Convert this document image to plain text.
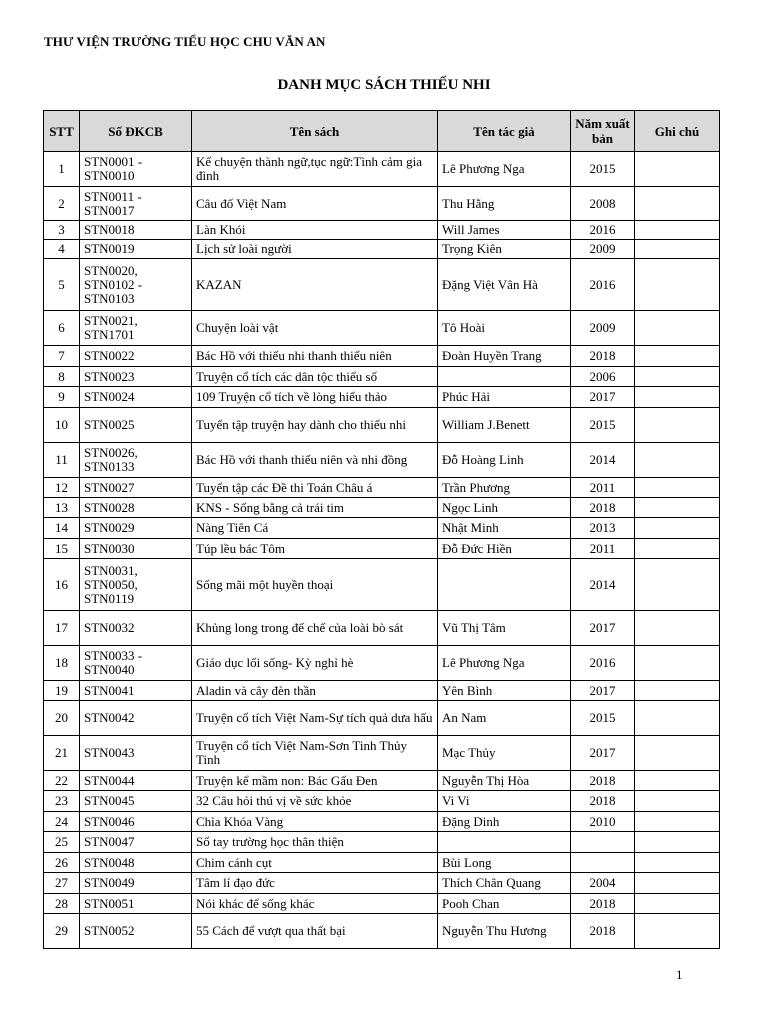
THƯ VIỆN TRƯỜNG TIỂU HỌC CHU VĂN AN
DANH MỤC SÁCH THIẾU NHI
STT	Số ĐKCB	Tên sách	Tên tác giả	Năm xuất bản	Ghi chú
1	STN0001 - STN0010	Kể chuyện thành ngữ,tục ngữ:Tình cảm gia đình	Lê Phương Nga	2015	
2	STN0011 - STN0017	Câu đố Việt Nam	Thu Hằng	2008	
3	STN0018	Làn Khói	Will James	2016	
4	STN0019	Lịch sử loài người	Trọng Kiên	2009	
5	STN0020, STN0102 - STN0103	KAZAN	Đặng Việt Vân Hà	2016	
6	STN0021, STN1701	Chuyện loài vật	Tô Hoài	2009	
7	STN0022	Bác Hồ với thiếu nhi thanh thiếu niên	Đoàn Huyền Trang	2018	
8	STN0023	Truyện cổ tích các dân tộc thiểu số		2006	
9	STN0024	109 Truyện cổ tích về lòng hiếu thảo	Phúc Hải	2017	
10	STN0025	Tuyển tập truyện hay dành cho thiếu nhi	William J.Benett	2015	
11	STN0026, STN0133	Bác Hồ với thanh thiếu niên và nhi đồng	Đỗ Hoàng Linh	2014	
12	STN0027	Tuyển tập các Đề thi Toán Châu á	Trần Phương	2011	
13	STN0028	KNS - Sống bằng cả trái tim	Ngọc Linh	2018	
14	STN0029	Nàng Tiên Cá	Nhật Minh	2013	
15	STN0030	Túp lều bác Tôm	Đỗ Đức Hiền	2011	
16	STN0031, STN0050, STN0119	Sống mãi một huyền thoại		2014	
17	STN0032	Khủng long trong đế chế của loài bò sát	Vũ Thị Tâm	2017	
18	STN0033 - STN0040	Giáo dục lối sống- Kỳ nghỉ hè	Lê Phương Nga	2016	
19	STN0041	Aladin và cây đèn thần	Yên Bình	2017	
20	STN0042	Truyện cổ tích Việt Nam-Sự tích quả dưa hấu	An Nam	2015	
21	STN0043	Truyện cổ tích Việt Nam-Sơn Tinh Thủy Tinh	Mạc Thủy	2017	
22	STN0044	Truyện kể mầm non: Bác Gấu Đen	Nguyễn Thị Hòa	2018	
23	STN0045	32 Câu hỏi thú vị về sức khỏe	Vi Vi	2018	
24	STN0046	Chìa Khóa Vàng	Đặng Dinh	2010	
25	STN0047	Sổ tay trường học thân thiện			
26	STN0048	Chim cánh cụt	Bùi Long		
27	STN0049	Tâm lí đạo đức	Thích Chân Quang	2004	
28	STN0051	Nói khác để sống khác	Pooh Chan	2018	
29	STN0052	55 Cách để vượt qua thất bại	Nguyễn Thu Hương	2018	
1
